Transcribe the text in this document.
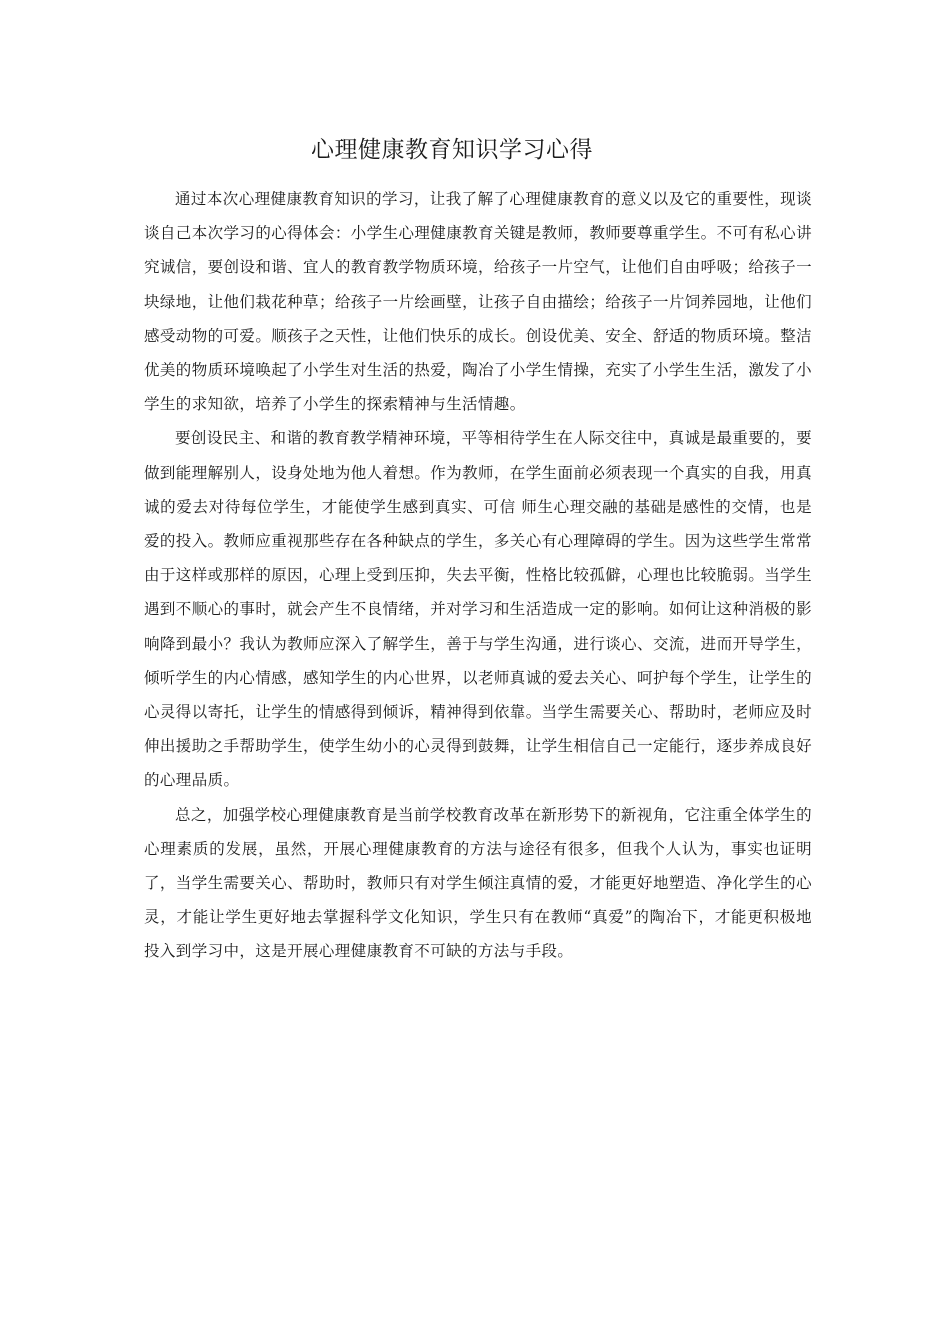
心理健康教育知识学习心得

通过本次心理健康教育知识的学习，让我了解了心理健康教育的意义以及它的重要性，现谈谈自己本次学习的心得体会：小学生心理健康教育关键是教师，教师要尊重学生。不可有私心讲究诚信，要创设和谐、宜人的教育教学物质环境，给孩子一片空气，让他们自由呼吸；给孩子一块绿地，让他们栽花种草；给孩子一片绘画壁，让孩子自由描绘；给孩子一片饲养园地，让他们感受动物的可爱。顺孩子之天性，让他们快乐的成长。创设优美、安全、舒适的物质环境。整洁优美的物质环境唤起了小学生对生活的热爱，陶冶了小学生情操，充实了小学生生活，激发了小学生的求知欲，培养了小学生的探索精神与生活情趣。

要创设民主、和谐的教育教学精神环境，平等相待学生在人际交往中，真诚是最重要的，要做到能理解别人，设身处地为他人着想。作为教师，在学生面前必须表现一个真实的自我，用真诚的爱去对待每位学生，才能使学生感到真实、可信 师生心理交融的基础是感性的交情，也是爱的投入。教师应重视那些存在各种缺点的学生，多关心有心理障碍的学生。因为这些学生常常由于这样或那样的原因，心理上受到压抑，失去平衡，性格比较孤僻，心理也比较脆弱。当学生遇到不顺心的事时，就会产生不良情绪，并对学习和生活造成一定的影响。如何让这种消极的影响降到最小？我认为教师应深入了解学生，善于与学生沟通，进行谈心、交流，进而开导学生，倾听学生的内心情感，感知学生的内心世界，以老师真诚的爱去关心、呵护每个学生，让学生的心灵得以寄托，让学生的情感得到倾诉，精神得到依靠。当学生需要关心、帮助时，老师应及时伸出援助之手帮助学生，使学生幼小的心灵得到鼓舞，让学生相信自己一定能行，逐步养成良好的心理品质。

总之，加强学校心理健康教育是当前学校教育改革在新形势下的新视角，它注重全体学生的心理素质的发展，虽然，开展心理健康教育的方法与途径有很多，但我个人认为，事实也证明了，当学生需要关心、帮助时，教师只有对学生倾注真情的爱，才能更好地塑造、净化学生的心灵，才能让学生更好地去掌握科学文化知识，学生只有在教师“真爱”的陶冶下，才能更积极地投入到学习中，这是开展心理健康教育不可缺的方法与手段。
